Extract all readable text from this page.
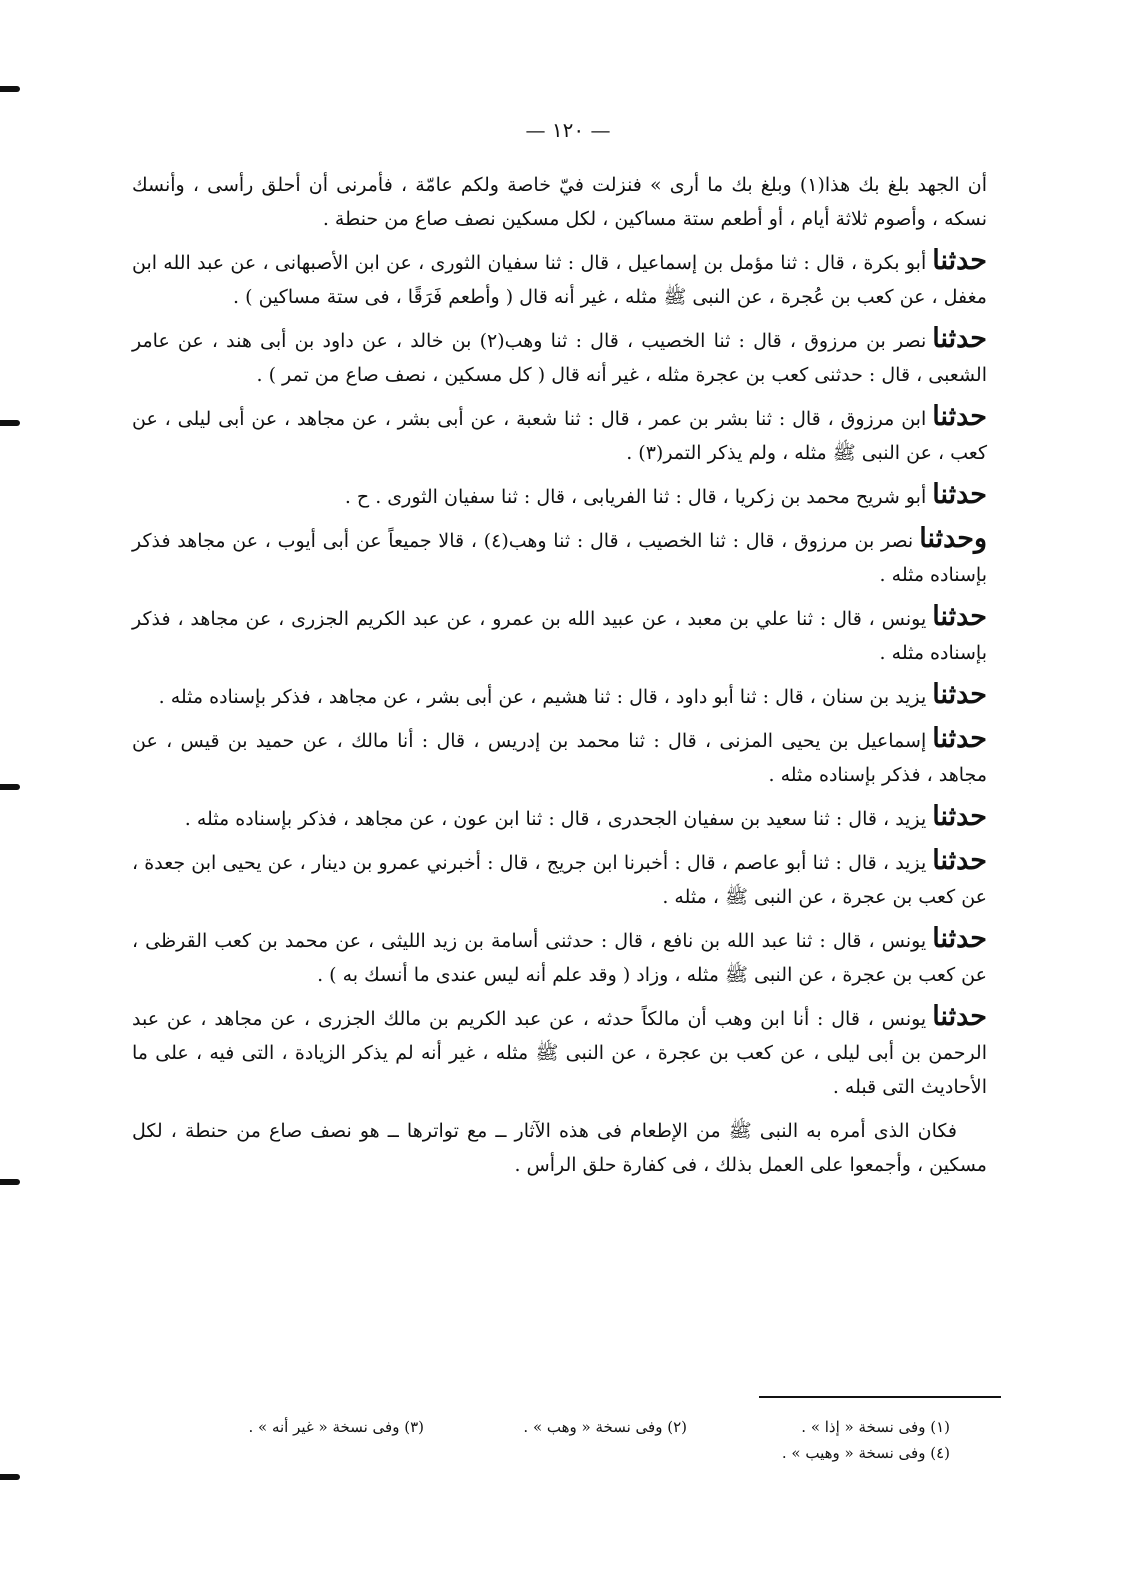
— ١٢٠ —

أن الجهد بلغ بك هذا(١) وبلغ بك ما أرى » فنزلت فيّ خاصة ولكم عامّة ، فأمرنى أن أحلق رأسى ، وأنسك نسكه ، وأصوم ثلاثة أيام ، أو أطعم ستة مساكين ، لكل مسكين نصف صاع من حنطة .

حدثناأبو بكرة ، قال : ثنا مؤمل بن إسماعيل ، قال : ثنا سفيان الثورى ، عن ابن الأصبهانى ، عن عبد الله ابن مغفل ، عن كعب بن عُجرة ، عن النبى ﷺ مثله ، غير أنه قال ( وأطعم فَرَقًا ، فى ستة مساكين ) .

حدثنانصر بن مرزوق ، قال : ثنا الخصيب ، قال : ثنا وهب(٢) بن خالد ، عن داود بن أبى هند ، عن عامر الشعبى ، قال : حدثنى كعب بن عجرة مثله ، غير أنه قال ( كل مسكين ، نصف صاع من تمر ) .

حدثناابن مرزوق ، قال : ثنا بشر بن عمر ، قال : ثنا شعبة ، عن أبى بشر ، عن مجاهد ، عن أبى ليلى ، عن كعب ، عن النبى ﷺ مثله ، ولم يذكر التمر(٣) .

حدثناأبو شريح محمد بن زكريا ، قال : ثنا الفريابى ، قال : ثنا سفيان الثورى . ح .

وحدثنانصر بن مرزوق ، قال : ثنا الخصيب ، قال : ثنا وهب(٤) ، قالا جميعاً عن أبى أيوب ، عن مجاهد فذكر بإسناده مثله .

حدثنايونس ، قال : ثنا علي بن معبد ، عن عبيد الله بن عمرو ، عن عبد الكريم الجزرى ، عن مجاهد ، فذكر بإسناده مثله .

حدثنايزيد بن سنان ، قال : ثنا أبو داود ، قال : ثنا هشيم ، عن أبى بشر ، عن مجاهد ، فذكر بإسناده مثله .

حدثناإسماعيل بن يحيى المزنى ، قال : ثنا محمد بن إدريس ، قال : أنا مالك ، عن حميد بن قيس ، عن مجاهد ، فذكر بإسناده مثله .

حدثنايزيد ، قال : ثنا سعيد بن سفيان الجحدرى ، قال : ثنا ابن عون ، عن مجاهد ، فذكر بإسناده مثله .

حدثنايزيد ، قال : ثنا أبو عاصم ، قال : أخبرنا ابن جريج ، قال : أخبرني عمرو بن دينار ، عن يحيى ابن جعدة ، عن كعب بن عجرة ، عن النبى ﷺ ، مثله .

حدثنايونس ، قال : ثنا عبد الله بن نافع ، قال : حدثنى أسامة بن زيد الليثى ، عن محمد بن كعب القرظى ، عن كعب بن عجرة ، عن النبى ﷺ مثله ، وزاد ( وقد علم أنه ليس عندى ما أنسك به ) .

حدثنايونس ، قال : أنا ابن وهب أن مالكاً حدثه ، عن عبد الكريم بن مالك الجزرى ، عن مجاهد ، عن عبد الرحمن بن أبى ليلى ، عن كعب بن عجرة ، عن النبى ﷺ مثله ، غير أنه لم يذكر الزيادة ، التى فيه ، على ما الأحاديث التى قبله .

فكان الذى أمره به النبى ﷺ من الإطعام فى هذه الآثار ــ مع تواترها ــ هو نصف صاع من حنطة ، لكل مسكين ، وأجمعوا على العمل بذلك ، فى كفارة حلق الرأس .

(١) وفى نسخة « إذا » .
(٢) وفى نسخة « وهب » .
(٣) وفى نسخة « غير أنه » .
(٤) وفى نسخة « وهيب » .
